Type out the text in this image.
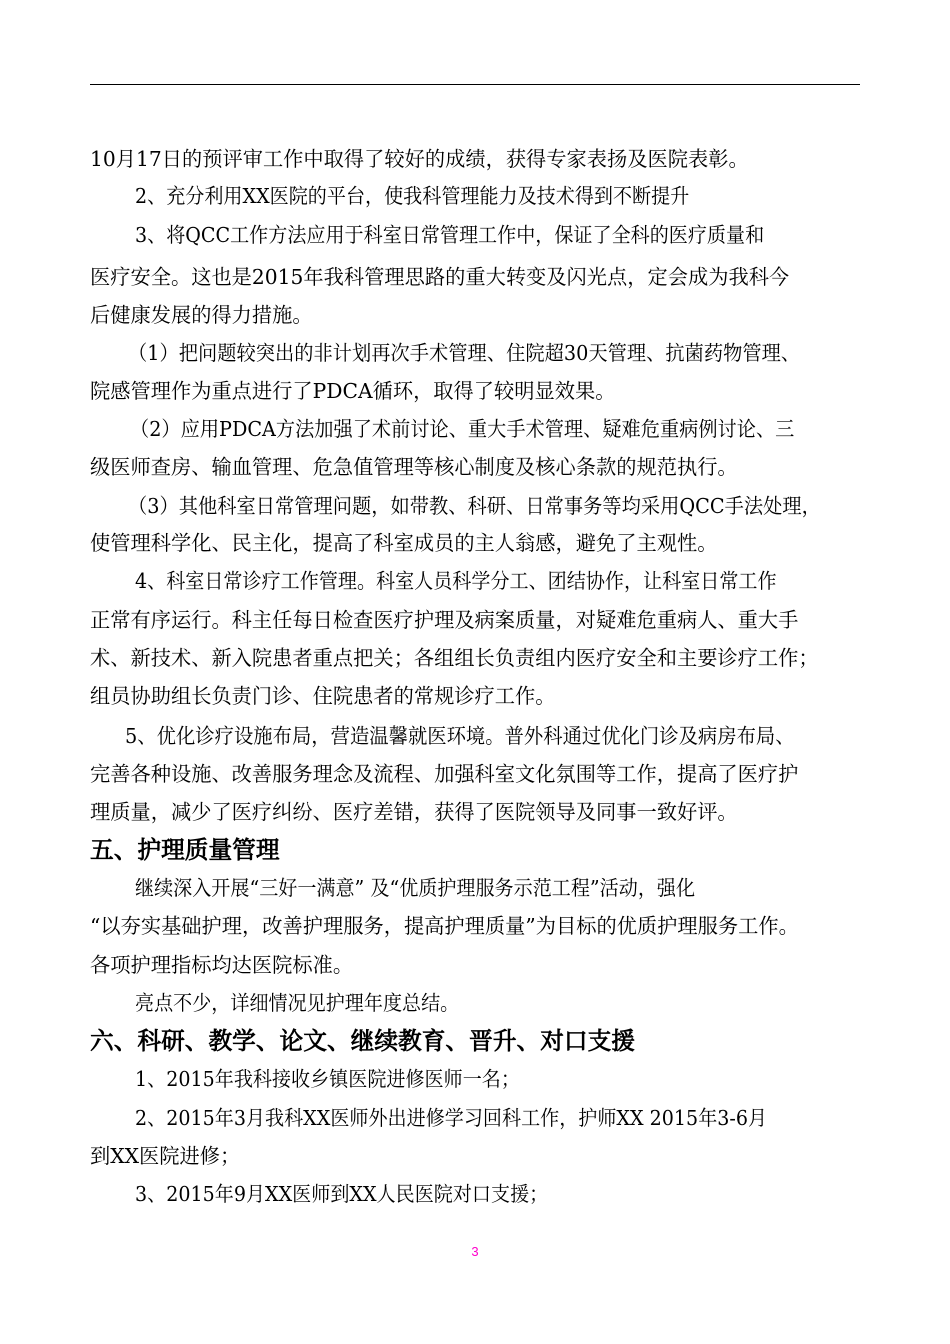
10月17日的预评审工作中取得了较好的成绩，获得专家表扬及医院表彰。
2、充分利用XX医院的平台，使我科管理能力及技术得到不断提升
3、将QCC工作方法应用于科室日常管理工作中，保证了全科的医疗质量和
医疗安全。这也是2015年我科管理思路的重大转变及闪光点，定会成为我科今
后健康发展的得力措施。
（1）把问题较突出的非计划再次手术管理、住院超30天管理、抗菌药物管理、
院感管理作为重点进行了PDCA循环，取得了较明显效果。
（2）应用PDCA方法加强了术前讨论、重大手术管理、疑难危重病例讨论、三
级医师查房、输血管理、危急值管理等核心制度及核心条款的规范执行。
（3）其他科室日常管理问题，如带教、科研、日常事务等均采用QCC手法处理，
使管理科学化、民主化，提高了科室成员的主人翁感，避免了主观性。
4、科室日常诊疗工作管理。科室人员科学分工、团结协作，让科室日常工作
正常有序运行。科主任每日检查医疗护理及病案质量，对疑难危重病人、重大手
术、新技术、新入院患者重点把关；各组组长负责组内医疗安全和主要诊疗工作；
组员协助组长负责门诊、住院患者的常规诊疗工作。
5、优化诊疗设施布局，营造温馨就医环境。普外科通过优化门诊及病房布局、
完善各种设施、改善服务理念及流程、加强科室文化氛围等工作，提高了医疗护
理质量，减少了医疗纠纷、医疗差错，获得了医院领导及同事一致好评。
五、护理质量管理
继续深入开展“三好一满意” 及“优质护理服务示范工程”活动，强化
“以夯实基础护理，改善护理服务，提高护理质量”为目标的优质护理服务工作。
各项护理指标均达医院标准。
亮点不少，详细情况见护理年度总结。
六、科研、教学、论文、继续教育、晋升、对口支援
1、2015年我科接收乡镇医院进修医师一名；
2、2015年3月我科XX医师外出进修学习回科工作，护师XX 2015年3-6月
到XX医院进修；
3、2015年9月XX医师到XX人民医院对口支援；
3
